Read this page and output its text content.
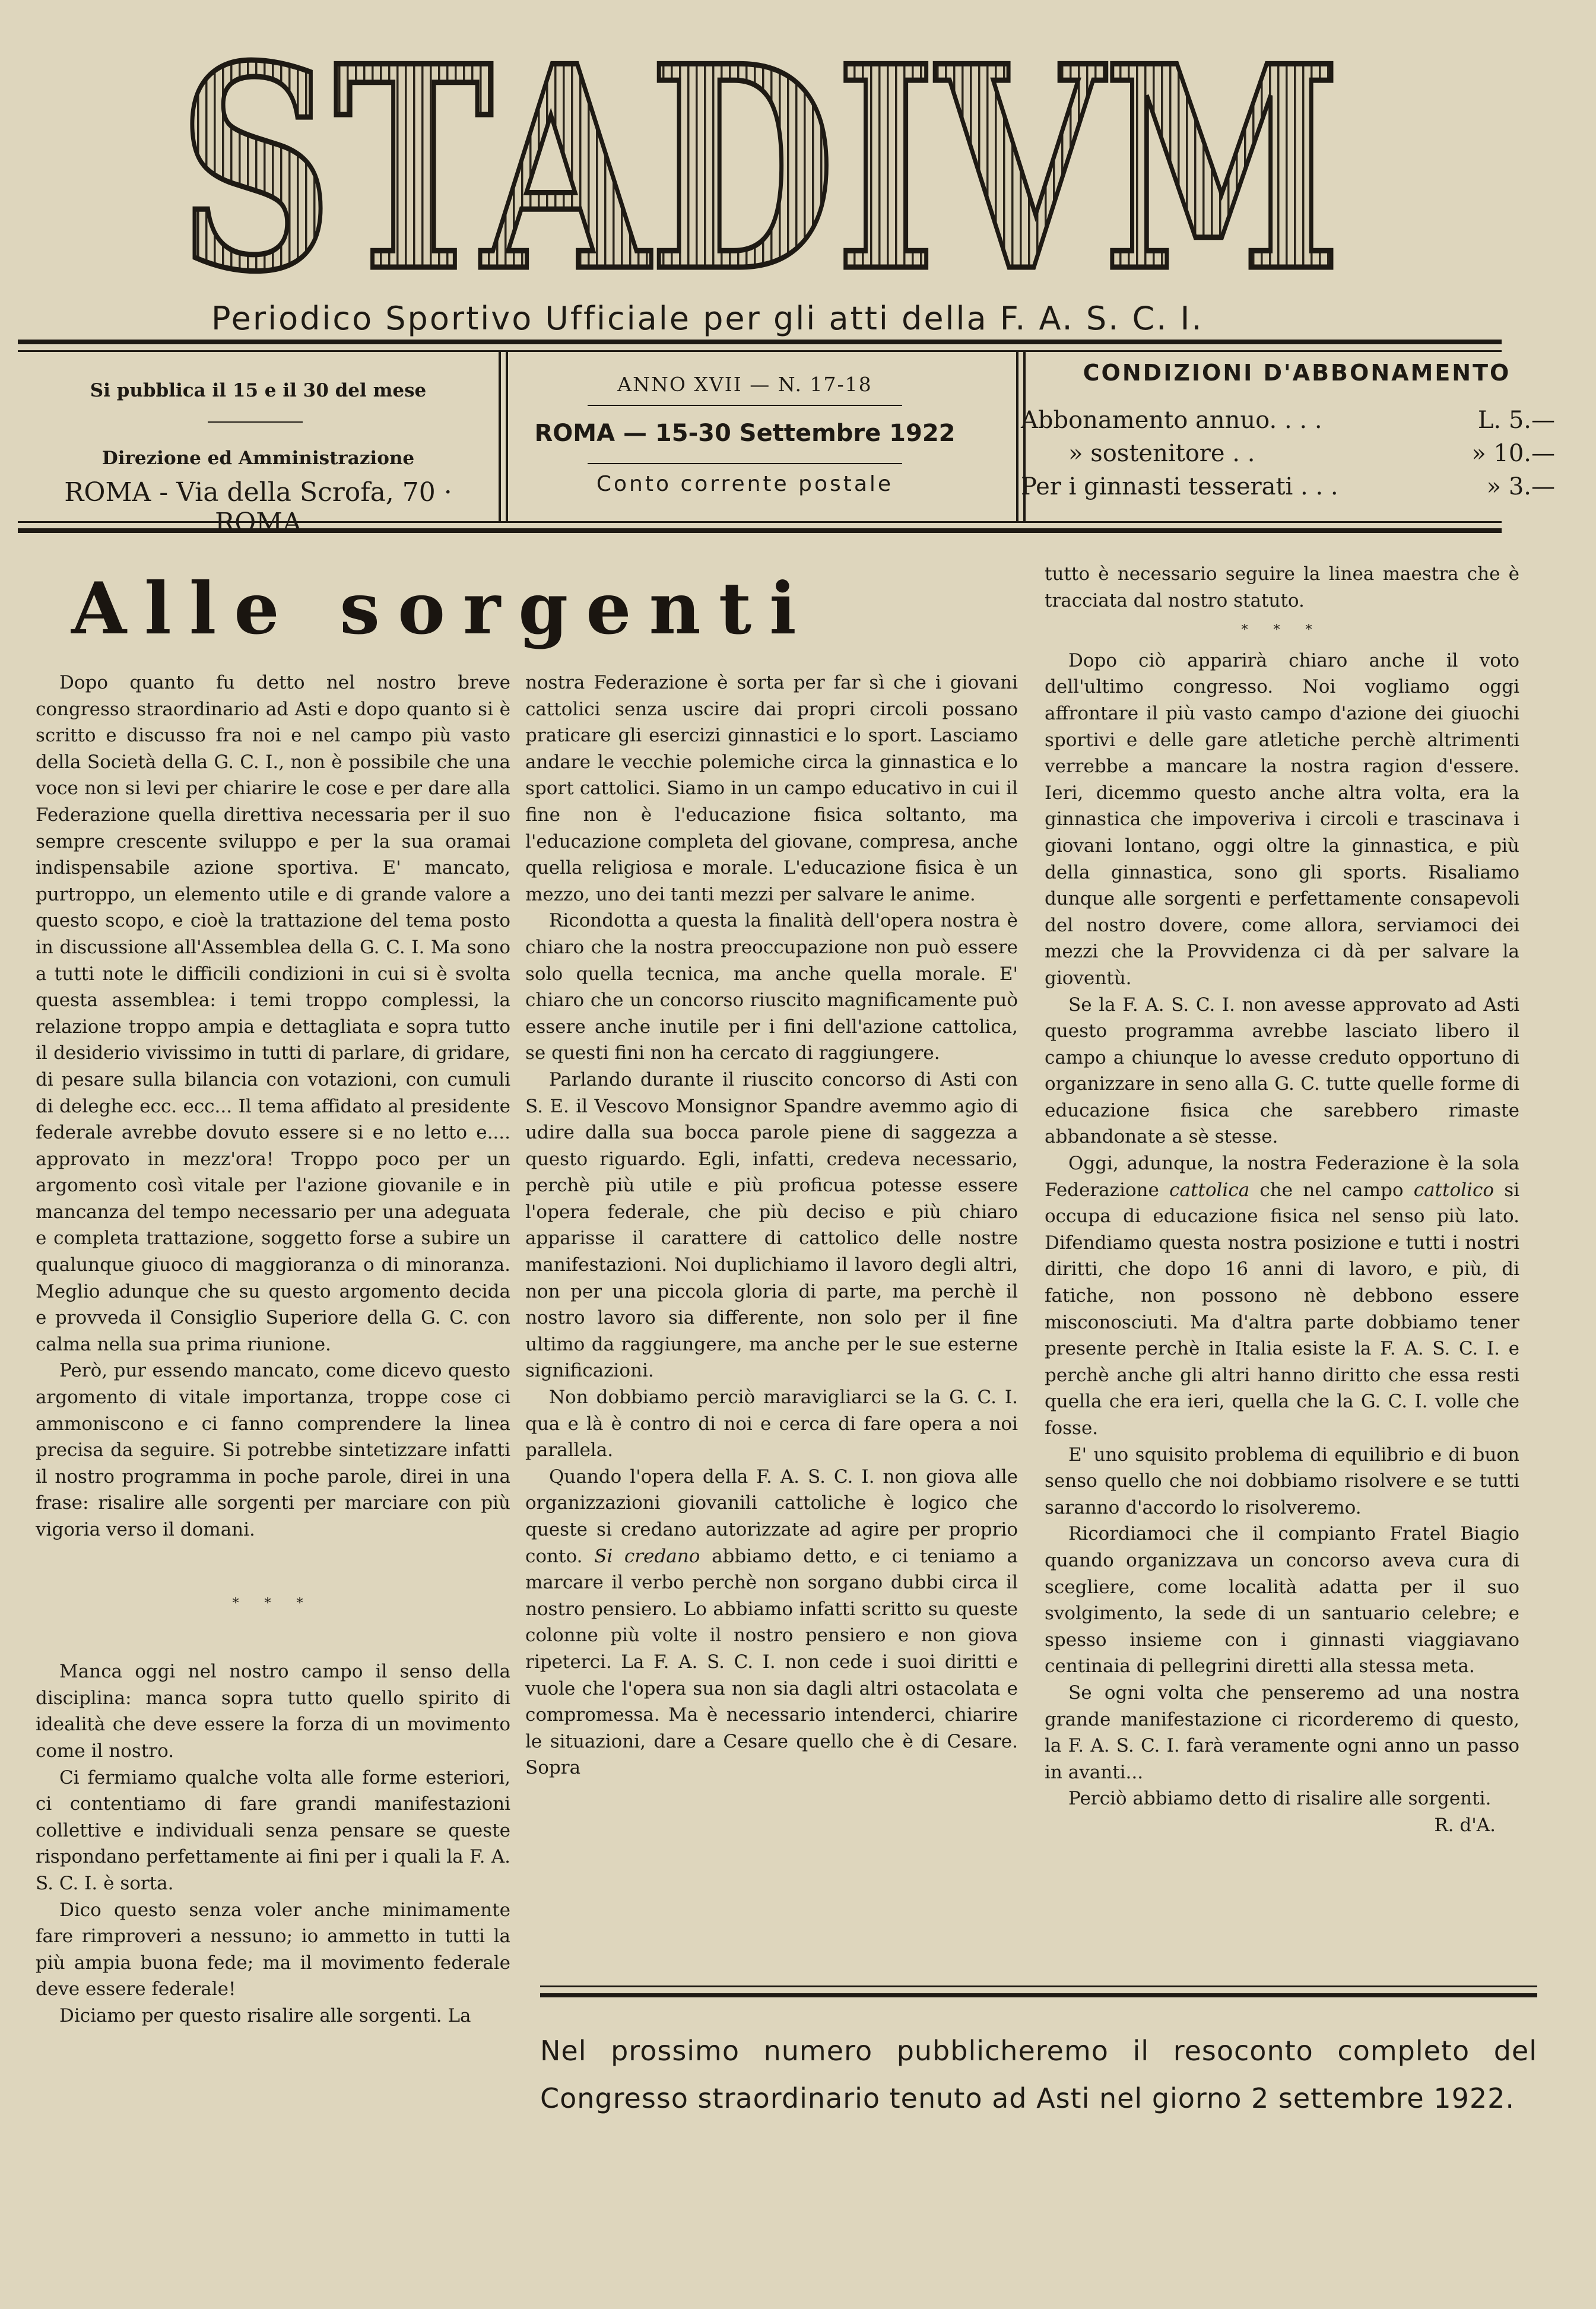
STADIVM
Periodico Sportivo Ufficiale per gli atti della F. A. S. C. I.
Si pubblica il 15 e il 30 del mese
Direzione ed Amministrazione
ROMA - Via della Scrofa, 70 · ROMA
ANNO XVII — N. 17-18
ROMA — 15-30 Settembre 1922
Conto corrente postale
CONDIZIONI D'ABBONAMENTO
Abbonamento annuo. . . .	L. 5.—
» sostenitore . .	» 10.—
Per i ginnasti tesserati . . .	» 3.—
Alle sorgenti

Dopo quanto fu detto nel nostro breve congresso straordinario ad Asti e dopo quanto si è scritto e discusso fra noi e nel campo più vasto della Società della G. C. I., non è possibile che una voce non si levi per chiarire le cose e per dare alla Federazione quella direttiva necessaria per il suo sempre crescente sviluppo e per la sua oramai indispensabile azione sportiva. E' mancato, purtroppo, un elemento utile e di grande valore a questo scopo, e cioè la trattazione del tema posto in discussione all'Assemblea della G. C. I. Ma sono a tutti note le difficili condizioni in cui si è svolta questa assemblea: i temi troppo complessi, la relazione troppo ampia e dettagliata e sopra tutto il desiderio vivissimo in tutti di parlare, di gridare, di pesare sulla bilancia con votazioni, con cumuli di deleghe ecc. ecc... Il tema affidato al presidente federale avrebbe dovuto essere si e no letto e.... approvato in mezz'ora! Troppo poco per un argomento così vitale per l'azione giovanile e in mancanza del tempo necessario per una adeguata e completa trattazione, soggetto forse a subire un qualunque giuoco di maggioranza o di minoranza. Meglio adunque che su questo argomento decida e provveda il Consiglio Superiore della G. C. con calma nella sua prima riunione.

Però, pur essendo mancato, come dicevo questo argomento di vitale importanza, troppe cose ci ammoniscono e ci fanno comprendere la linea precisa da seguire. Si potrebbe sintetizzare infatti il nostro programma in poche parole, direi in una frase: risalire alle sorgenti per marciare con più vigoria verso il domani.

* * *

Manca oggi nel nostro campo il senso della disciplina: manca sopra tutto quello spirito di idealità che deve essere la forza di un movimento come il nostro.

Ci fermiamo qualche volta alle forme esteriori, ci contentiamo di fare grandi manifestazioni collettive e individuali senza pensare se queste rispondano perfettamente ai fini per i quali la F. A. S. C. I. è sorta.

Dico questo senza voler anche minimamente fare rimproveri a nessuno; io ammetto in tutti la più ampia buona fede; ma il movimento federale deve essere federale!

Diciamo per questo risalire alle sorgenti. La

nostra Federazione è sorta per far sì che i giovani cattolici senza uscire dai propri circoli possano praticare gli esercizi ginnastici e lo sport. Lasciamo andare le vecchie polemiche circa la ginnastica e lo sport cattolici. Siamo in un campo educativo in cui il fine non è l'educazione fisica soltanto, ma l'educazione completa del giovane, compresa, anche quella religiosa e morale. L'educazione fisica è un mezzo, uno dei tanti mezzi per salvare le anime.

Ricondotta a questa la finalità dell'opera nostra è chiaro che la nostra preoccupazione non può essere solo quella tecnica, ma anche quella morale. E' chiaro che un concorso riuscito magnificamente può essere anche inutile per i fini dell'azione cattolica, se questi fini non ha cercato di raggiungere.

Parlando durante il riuscito concorso di Asti con S. E. il Vescovo Monsignor Spandre avemmo agio di udire dalla sua bocca parole piene di saggezza a questo riguardo. Egli, infatti, credeva necessario, perchè più utile e più proficua potesse essere l'opera federale, che più deciso e più chiaro apparisse il carattere di cattolico delle nostre manifestazioni. Noi duplichiamo il lavoro degli altri, non per una piccola gloria di parte, ma perchè il nostro lavoro sia differente, non solo per il fine ultimo da raggiungere, ma anche per le sue esterne significazioni.

Non dobbiamo perciò maravigliarci se la G. C. I. qua e là è contro di noi e cerca di fare opera a noi parallela.

Quando l'opera della F. A. S. C. I. non giova alle organizzazioni giovanili cattoliche è logico che queste si credano autorizzate ad agire per proprio conto. Si credano abbiamo detto, e ci teniamo a marcare il verbo perchè non sorgano dubbi circa il nostro pensiero. Lo abbiamo infatti scritto su queste colonne più volte il nostro pensiero e non giova ripeterci. La F. A. S. C. I. non cede i suoi diritti e vuole che l'opera sua non sia dagli altri ostacolata e compromessa. Ma è necessario intenderci, chiarire le situazioni, dare a Cesare quello che è di Cesare. Sopra

tutto è necessario seguire la linea maestra che è tracciata dal nostro statuto.

* * *

Dopo ciò apparirà chiaro anche il voto dell'ultimo congresso. Noi vogliamo oggi affrontare il più vasto campo d'azione dei giuochi sportivi e delle gare atletiche perchè altrimenti verrebbe a mancare la nostra ragion d'essere. Ieri, dicemmo questo anche altra volta, era la ginnastica che impoveriva i circoli e trascinava i giovani lontano, oggi oltre la ginnastica, e più della ginnastica, sono gli sports. Risaliamo dunque alle sorgenti e perfettamente consapevoli del nostro dovere, come allora, serviamoci dei mezzi che la Provvidenza ci dà per salvare la gioventù.

Se la F. A. S. C. I. non avesse approvato ad Asti questo programma avrebbe lasciato libero il campo a chiunque lo avesse creduto opportuno di organizzare in seno alla G. C. tutte quelle forme di educazione fisica che sarebbero rimaste abbandonate a sè stesse.

Oggi, adunque, la nostra Federazione è la sola Federazione cattolica che nel campo cattolico si occupa di educazione fisica nel senso più lato. Difendiamo questa nostra posizione e tutti i nostri diritti, che dopo 16 anni di lavoro, e più, di fatiche, non possono nè debbono essere misconosciuti. Ma d'altra parte dobbiamo tener presente perchè in Italia esiste la F. A. S. C. I. e perchè anche gli altri hanno diritto che essa resti quella che era ieri, quella che la G. C. I. volle che fosse.

E' uno squisito problema di equilibrio e di buon senso quello che noi dobbiamo risolvere e se tutti saranno d'accordo lo risolveremo.

Ricordiamoci che il compianto Fratel Biagio quando organizzava un concorso aveva cura di scegliere, come località adatta per il suo svolgimento, la sede di un santuario celebre; e spesso insieme con i ginnasti viaggiavano centinaia di pellegrini diretti alla stessa meta.

Se ogni volta che penseremo ad una nostra grande manifestazione ci ricorderemo di questo, la F. A. S. C. I. farà veramente ogni anno un passo in avanti...

Perciò abbiamo detto di risalire alle sorgenti.

R. d'A.

Nel prossimo numero pubblicheremo il resoconto completo del Congresso straordinario tenuto ad Asti nel giorno 2 settembre 1922.
